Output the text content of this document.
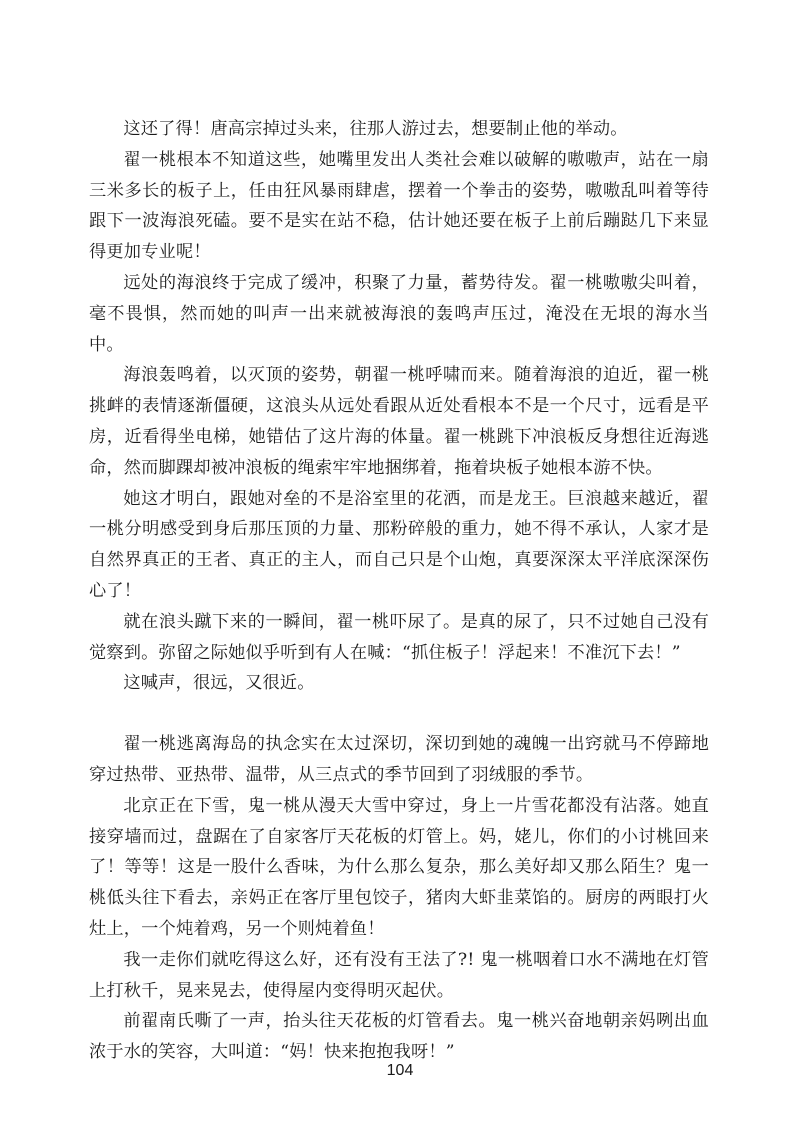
这还了得！唐高宗掉过头来，往那人游过去，想要制止他的举动。

翟一桃根本不知道这些，她嘴里发出人类社会难以破解的嗷嗷声，站在一扇三米多长的板子上，任由狂风暴雨肆虐，摆着一个拳击的姿势，嗷嗷乱叫着等待跟下一波海浪死磕。要不是实在站不稳，估计她还要在板子上前后蹦跶几下来显得更加专业呢！

远处的海浪终于完成了缓冲，积聚了力量，蓄势待发。翟一桃嗷嗷尖叫着，毫不畏惧，然而她的叫声一出来就被海浪的轰鸣声压过，淹没在无垠的海水当中。

海浪轰鸣着，以灭顶的姿势，朝翟一桃呼啸而来。随着海浪的迫近，翟一桃挑衅的表情逐渐僵硬，这浪头从远处看跟从近处看根本不是一个尺寸，远看是平房，近看得坐电梯，她错估了这片海的体量。翟一桃跳下冲浪板反身想往近海逃命，然而脚踝却被冲浪板的绳索牢牢地捆绑着，拖着块板子她根本游不快。

她这才明白，跟她对垒的不是浴室里的花洒，而是龙王。巨浪越来越近，翟一桃分明感受到身后那压顶的力量、那粉碎般的重力，她不得不承认，人家才是自然界真正的王者、真正的主人，而自己只是个山炮，真要深深太平洋底深深伤心了！

就在浪头蹴下来的一瞬间，翟一桃吓尿了。是真的尿了，只不过她自己没有觉察到。弥留之际她似乎听到有人在喊：“抓住板子！浮起来！不准沉下去！”

这喊声，很远，又很近。

翟一桃逃离海岛的执念实在太过深切，深切到她的魂魄一出窍就马不停蹄地穿过热带、亚热带、温带，从三点式的季节回到了羽绒服的季节。

北京正在下雪，鬼一桃从漫天大雪中穿过，身上一片雪花都没有沾落。她直接穿墙而过，盘踞在了自家客厅天花板的灯管上。妈，姥儿，你们的小讨桃回来了！等等！这是一股什么香味，为什么那么复杂，那么美好却又那么陌生？鬼一桃低头往下看去，亲妈正在客厅里包饺子，猪肉大虾韭菜馅的。厨房的两眼打火灶上，一个炖着鸡，另一个则炖着鱼！

我一走你们就吃得这么好，还有没有王法了?! 鬼一桃咽着口水不满地在灯管上打秋千，晃来晃去，使得屋内变得明灭起伏。

前翟南氏嘶了一声，抬头往天花板的灯管看去。鬼一桃兴奋地朝亲妈咧出血浓于水的笑容，大叫道：“妈！快来抱抱我呀！”

104
